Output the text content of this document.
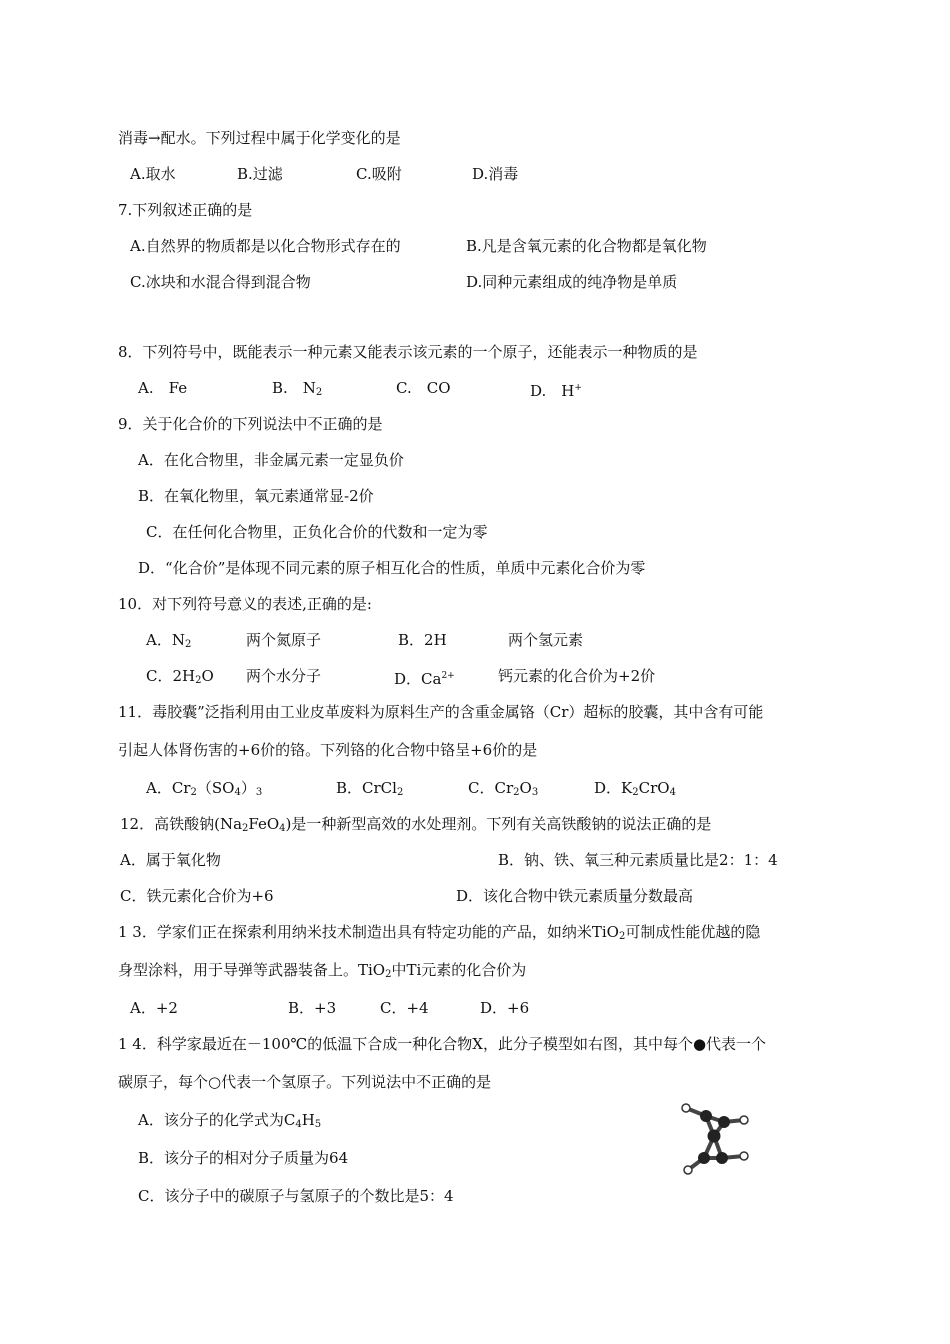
消毒→配水。下列过程中属于化学变化的是
A.取水	B.过滤	C.吸附	D.消毒
7.下列叙述正确的是
A.自然界的物质都是以化合物形式存在的	B.凡是含氧元素的化合物都是氧化物
C.冰块和水混合得到混合物	D.同种元素组成的纯净物是单质
8．下列符号中，既能表示一种元素又能表示该元素的一个原子，还能表示一种物质的是
A.　Fe	B.　$N_2$	C.　CO	D.　H+
9．关于化合价的下列说法中不正确的是
A．在化合物里，非金属元素一定显负价
B．在氧化物里，氧元素通常显-2价
C．在任何化合物里，正负化合价的代数和一定为零
D．“化合价”是体现不同元素的原子相互化合的性质，单质中元素化合价为零
10．对下列符号意义的表述,正确的是:
A．$N_2$	两个氮原子	B．2H	两个氢元素
C．$2H_2O$ 两个水分子	D．$Ca^{2+}$	钙元素的化合价为+2价
11．毒胶囊”泛指利用由工业皮革废料为原料生产的含重金属铬（Cr）超标的胶囊，其中含有可能
引起人体肾伤害的+6价的铬。下列铬的化合物中铬呈+6价的是
A．$Cr_2(SO_4)_3$	B．CrCl$_2$	C．$Cr_2O_3$	D．$K_2CrO_4$
12．高铁酸钠$(Na_2FeO_4)$是一种新型高效的水处理剂。下列有关高铁酸钠的说法正确的是
A．属于氧化物	B．钠、铁、氧三种元素质量比是2：1：4
C．铁元素化合价为+6	D．该化合物中铁元素质量分数最高
1 3．学家们正在探索利用纳米技术制造出具有特定功能的产品，如纳米TiO$_2$可制成性能优越的隐
身型涂料，用于导弹等武器装备上。TiO$_2$中Ti元素的化合价为
A．+2	B．+3	C．+4	D．+6
1 4．科学家最近在－100℃的低温下合成一种化合物X，此分子模型如右图，其中每个●代表一个
碳原子，每个○代表一个氢原子。下列说法中不正确的是
A．该分子的化学式为$C_4H_5$
B．该分子的相对分子质量为64
C．该分子中的碳原子与氢原子的个数比是5：4
